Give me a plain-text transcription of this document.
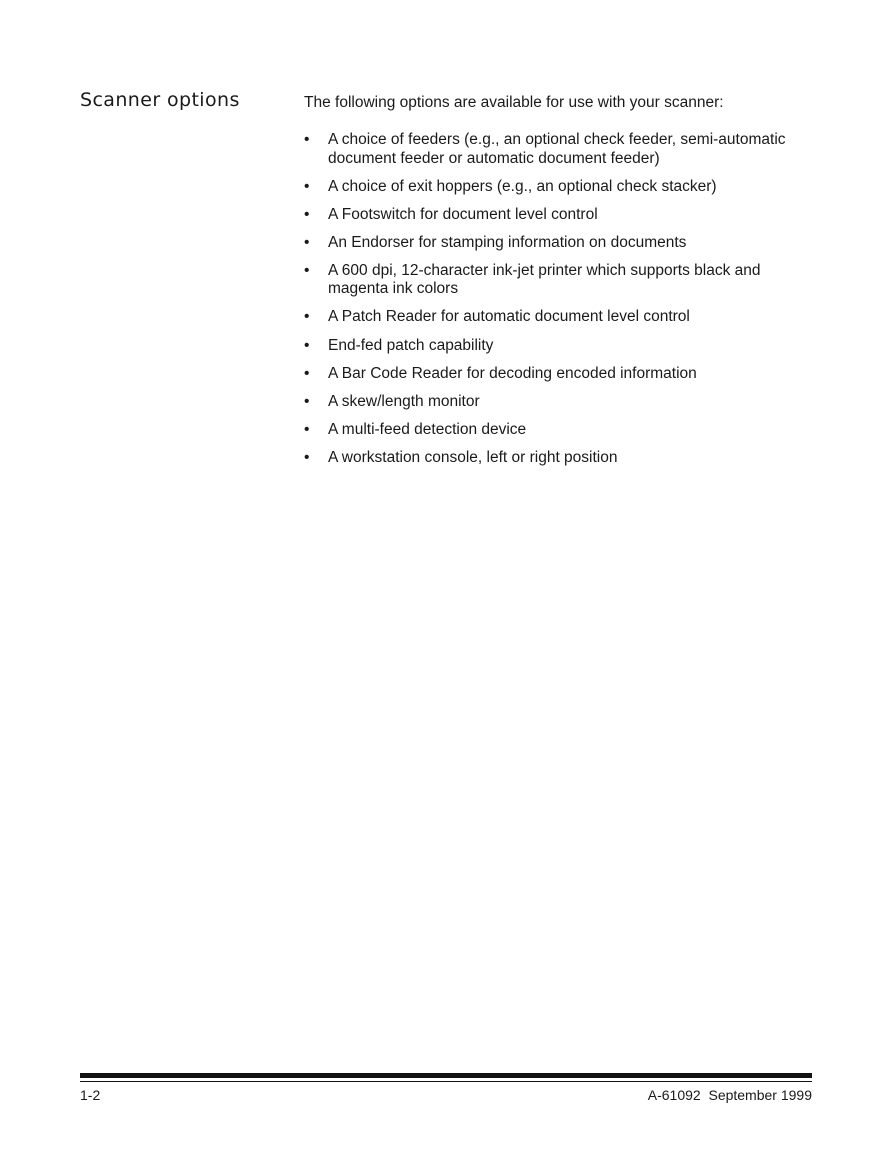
Scanner options	The following options are available for use with your scanner:

• A choice of feeders (e.g., an optional check feeder, semi-automatic document feeder or automatic document feeder)
• A choice of exit hoppers (e.g., an optional check stacker)
• A Footswitch for document level control
• An Endorser for stamping information on documents
• A 600 dpi, 12-character ink-jet printer which supports black and magenta ink colors
• A Patch Reader for automatic document level control
• End-fed patch capability
• A Bar Code Reader for decoding encoded information
• A skew/length monitor
• A multi-feed detection device
• A workstation console, left or right position
1-2	A-61092  September 1999
